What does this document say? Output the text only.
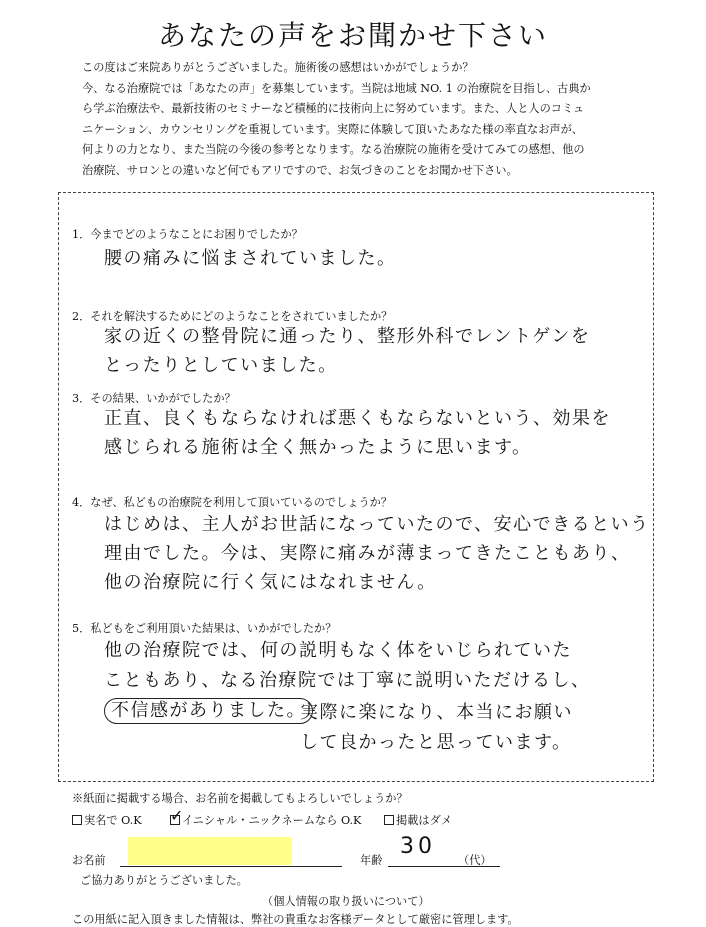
あなたの声をお聞かせ下さい

この度はご来院ありがとうございました。施術後の感想はいかがでしょうか？

今、なる治療院では「あなたの声」を募集しています。当院は地域 NO. 1 の治療院を目指し、古典か

ら学ぶ治療法や、最新技術のセミナーなど積極的に技術向上に努めています。また、人と人のコミュ

ニケーション、カウンセリングを重視しています。実際に体験して頂いたあなた様の率直なお声が、

何よりの力となり、また当院の今後の参考となります。なる治療院の施術を受けてみての感想、他の

治療院、サロンとの違いなど何でもアリですので、お気づきのことをお聞かせ下さい。

1．今までどのようなことにお困りでしたか？
腰の痛みに悩まされていました。
2．それを解決するためにどのようなことをされていましたか？
家の近くの整骨院に通ったり、整形外科でレントゲンを
とったりとしていました。
3．その結果、いかがでしたか？
正直、良くもならなければ悪くもならないという、効果を
感じられる施術は全く無かったように思います。
4．なぜ、私どもの治療院を利用して頂いているのでしょうか？
はじめは、主人がお世話になっていたので、安心できるという
理由でした。今は、実際に痛みが薄まってきたこともあり、
他の治療院に行く気にはなれません。
5．私どもをご利用頂いた結果は、いかがでしたか？
他の治療院では、何の説明もなく体をいじられていた
こともあり、 なる治療院では丁寧に説明いただけるし、
不信感がありました。
実際に楽になり、本当にお願い
して良かったと思っています。
※紙面に掲載する場合、お名前を掲載してもよろしいでしょうか？
実名で O.K ✓
イニシャル・ニックネームなら O.K	掲載はダメ
お名前	年齢
30
（代）
ご協力ありがとうございました。
（個人情報の取り扱いについて）
この用紙に記入頂きました情報は、弊社の貴重なお客様データとして厳密に管理します。
